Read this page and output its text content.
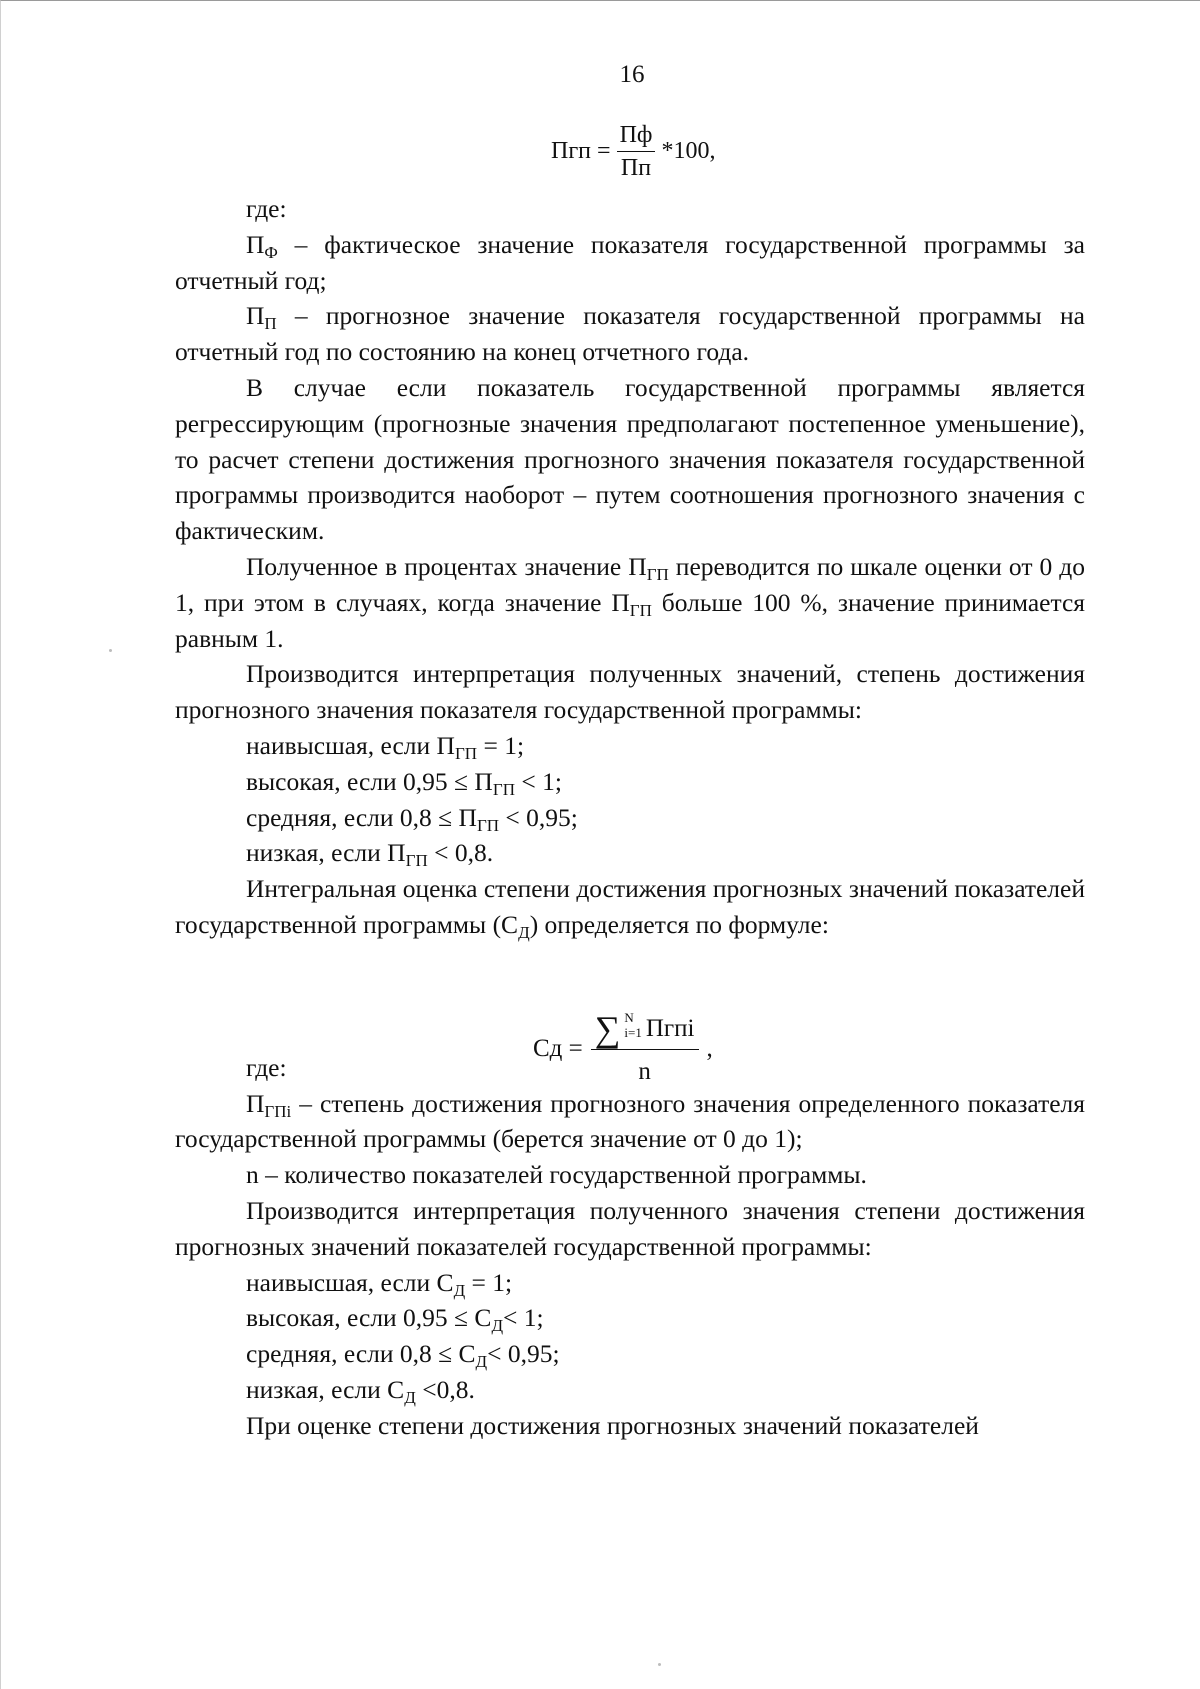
16
Пгп = $\frac{Пф}{Пп} *100$,

где:

$П_Ф$ – фактическое значение показателя государственной программы за отчетный год;

$П_П$ – прогнозное значение показателя государственной программы на отчетный год по состоянию на конец отчетного года.

В случае если показатель государственной программы является регрессирующим (прогнозные значения предполагают постепенное уменьшение), то расчет степени достижения прогнозного значения показателя государственной программы производится наоборот – путем соотношения прогнозного значения с фактическим.

Полученное в процентах значение $П_{ГП}$ переводится по шкале оценки от 0 до 1, при этом в случаях, когда значение $П_{ГП}$ больше 100 %, значение принимается равным 1.

Производится интерпретация полученных значений, степень достижения прогнозного значения показателя государственной программы:

наивысшая, если $П_{ГП} = 1$;

высокая, если $0,95 \le П_{ГП} < 1$;

средняя, если $0,8 \le П_{ГП} < 0,95$;

низкая, если $П_{ГП} < 0,8$.

Интегральная оценка степени достижения прогнозных значений показателей государственной программы $(С_Д)$ определяется по формуле:

где:

$П_{ГПi}$ – степень достижения прогнозного значения определенного показателя государственной программы (берется значение от 0 до 1);

n – количество показателей государственной программы.

Производится интерпретация полученного значения степени достижения прогнозных значений показателей государственной программы:

наивысшая, если $С_Д = 1$;

высокая, если $0,95 \le С_Д< 1$;

средняя, если $0,8 \le С_Д< 0,95$;

низкая, если $С_Д <0,8$.

При оценке степени достижения прогнозных значений показателей

Сд = ∑ N
i=1 Пгпi
n ,
